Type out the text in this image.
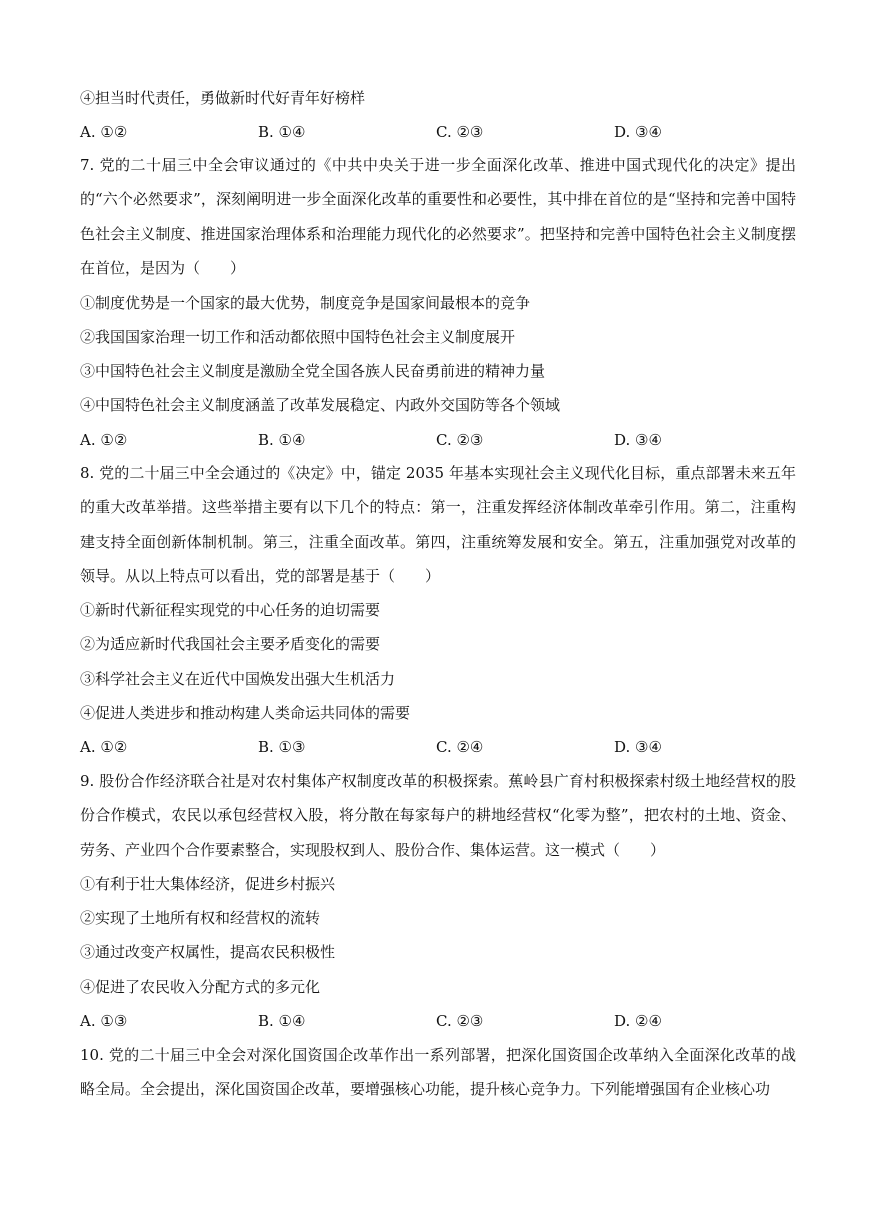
④担当时代责任，勇做新时代好青年好榜样
A. ①②	B. ①④	C. ②③	D. ③④
7. 党的二十届三中全会审议通过的《中共中央关于进一步全面深化改革、推进中国式现代化的决定》提出的“六个必然要求”，深刻阐明进一步全面深化改革的重要性和必要性，其中排在首位的是“坚持和完善中国特色社会主义制度、推进国家治理体系和治理能力现代化的必然要求”。把坚持和完善中国特色社会主义制度摆在首位，是因为（　　）
①制度优势是一个国家的最大优势，制度竞争是国家间最根本的竞争
②我国国家治理一切工作和活动都依照中国特色社会主义制度展开
③中国特色社会主义制度是激励全党全国各族人民奋勇前进的精神力量
④中国特色社会主义制度涵盖了改革发展稳定、内政外交国防等各个领域
A. ①②	B. ①④	C. ②③	D. ③④
8. 党的二十届三中全会通过的《决定》中，锚定 2035 年基本实现社会主义现代化目标，重点部署未来五年的重大改革举措。这些举措主要有以下几个的特点：第一，注重发挥经济体制改革牵引作用。第二，注重构建支持全面创新体制机制。第三，注重全面改革。第四，注重统筹发展和安全。第五，注重加强党对改革的领导。从以上特点可以看出，党的部署是基于（　　）
①新时代新征程实现党的中心任务的迫切需要
②为适应新时代我国社会主要矛盾变化的需要
③科学社会主义在近代中国焕发出强大生机活力
④促进人类进步和推动构建人类命运共同体的需要
A. ①②	B. ①③	C. ②④	D. ③④
9. 股份合作经济联合社是对农村集体产权制度改革的积极探索。蕉岭县广育村积极探索村级土地经营权的股份合作模式，农民以承包经营权入股，将分散在每家每户的耕地经营权“化零为整”，把农村的土地、资金、劳务、产业四个合作要素整合，实现股权到人、股份合作、集体运营。这一模式（　　）
①有利于壮大集体经济，促进乡村振兴
②实现了土地所有权和经营权的流转
③通过改变产权属性，提高农民积极性
④促进了农民收入分配方式的多元化
A. ①③	B. ①④	C. ②③	D. ②④
10. 党的二十届三中全会对深化国资国企改革作出一系列部署，把深化国资国企改革纳入全面深化改革的战略全局。全会提出，深化国资国企改革，要增强核心功能，提升核心竞争力。下列能增强国有企业核心功
